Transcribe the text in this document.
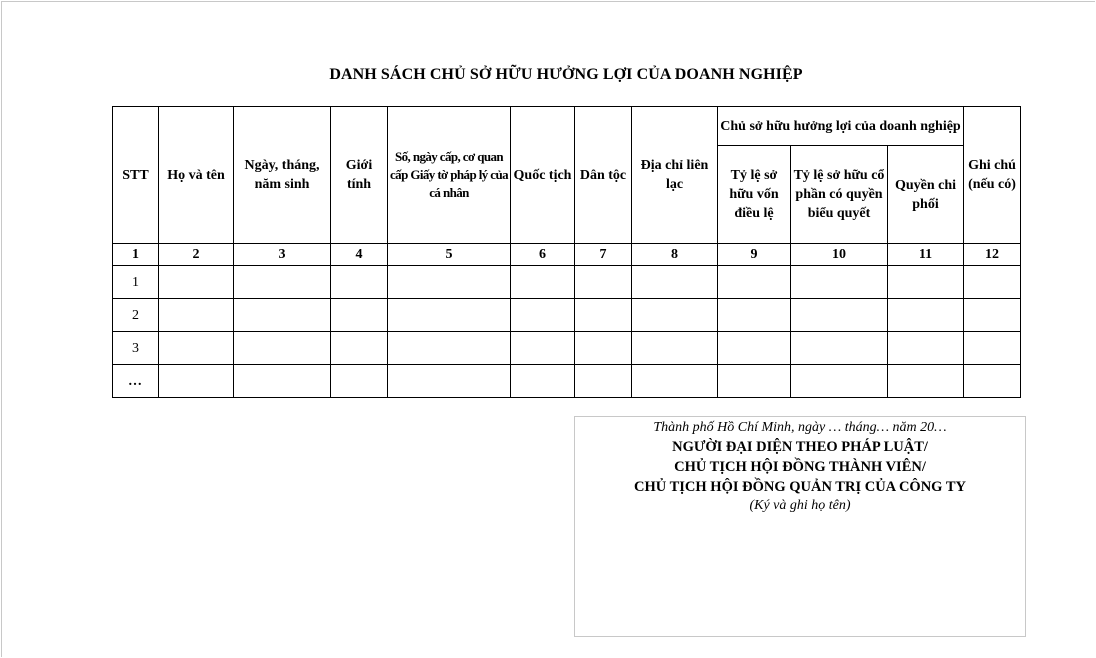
DANH SÁCH CHỦ SỞ HỮU HƯỞNG LỢI CỦA DOANH NGHIỆP
STT	Họ và tên	Ngày, tháng, năm sinh	Giới tính	Số, ngày cấp, cơ quan cấp Giấy tờ pháp lý của cá nhân	Quốc tịch	Dân tộc	Địa chỉ liên lạc	Chủ sở hữu hưởng lợi của doanh nghiệp			Ghi chú (nếu có)
								Tỷ lệ sở hữu vốn điều lệ	Tỷ lệ sở hữu cổ phần có quyền biểu quyết	Quyền chi phối	
1	2	3	4	5	6	7	8	9	10	11	12
1											
2											
3											
…											
Thành phố Hồ Chí Minh, ngày … tháng… năm 20…
NGƯỜI ĐẠI DIỆN THEO PHÁP LUẬT/
CHỦ TỊCH HỘI ĐỒNG THÀNH VIÊN/
CHỦ TỊCH HỘI ĐỒNG QUẢN TRỊ CỦA CÔNG TY
(Ký và ghi họ tên)
